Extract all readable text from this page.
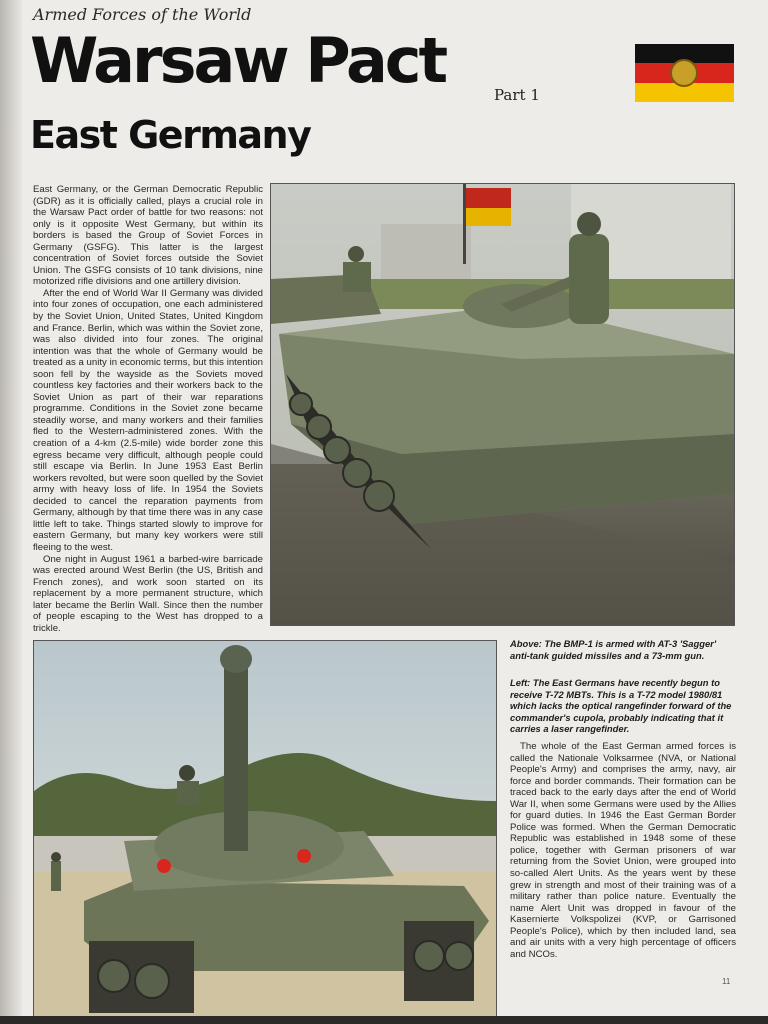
Armed Forces of the World
Warsaw Pact	Part 1
East Germany

East Germany, or the German Democratic Republic (GDR) as it is officially called, plays a crucial role in the Warsaw Pact order of battle for two reasons: not only is it opposite West Germany, but within its borders is based the Group of Soviet Forces in Germany (GSFG). This latter is the largest concentration of Soviet forces outside the Soviet Union. The GSFG consists of 10 tank divisions, nine motorized rifle divisions and one artillery division.

After the end of World War II Germany was divided into four zones of occupation, one each administered by the Soviet Union, United States, United Kingdom and France. Berlin, which was within the Soviet zone, was also divided into four zones. The original intention was that the whole of Germany would be treated as a unity in economic terms, but this intention soon fell by the wayside as the Soviets moved countless key factories and their workers back to the Soviet Union as part of their war reparations programme. Conditions in the Soviet zone became steadily worse, and many workers and their families fled to the Western-administered zones. With the creation of a 4-km (2.5-mile) wide border zone this egress became very difficult, although people could still escape via Berlin. In June 1953 East Berlin workers revolted, but were soon quelled by the Soviet army with heavy loss of life. In 1954 the Soviets decided to cancel the reparation payments from Germany, although by that time there was in any case little left to take. Things started slowly to improve for eastern Germany, but many key workers were still fleeing to the west.

One night in August 1961 a barbed-wire barricade was erected around West Berlin (the US, British and French zones), and work soon started on its replacement by a more permanent structure, which later became the Berlin Wall. Since then the number of people escaping to the West has dropped to a trickle.

Above: The BMP-1 is armed with AT-3 'Sagger' anti-tank guided missiles and a 73-mm gun.
Left: The East Germans have recently begun to receive T-72 MBTs. This is a T-72 model 1980/81 which lacks the optical rangefinder forward of the commander's cupola, probably indicating that it carries a laser rangefinder.

The whole of the East German armed forces is called the Nationale Volksarmee (NVA, or National People's Army) and comprises the army, navy, air force and border commands. Their formation can be traced back to the early days after the end of World War II, when some Germans were used by the Allies for guard duties. In 1946 the East German Border Police was formed. When the German Democratic Republic was established in 1948 some of these police, together with German prisoners of war returning from the Soviet Union, were grouped into so-called Alert Units. As the years went by these grew in strength and most of their training was of a military rather than police nature. Eventually the name Alert Unit was dropped in favour of the Kasernierte Volkspolizei (KVP, or Garrisoned People's Police), which by then included land, sea and air units with a very high percentage of officers and NCOs.

11
